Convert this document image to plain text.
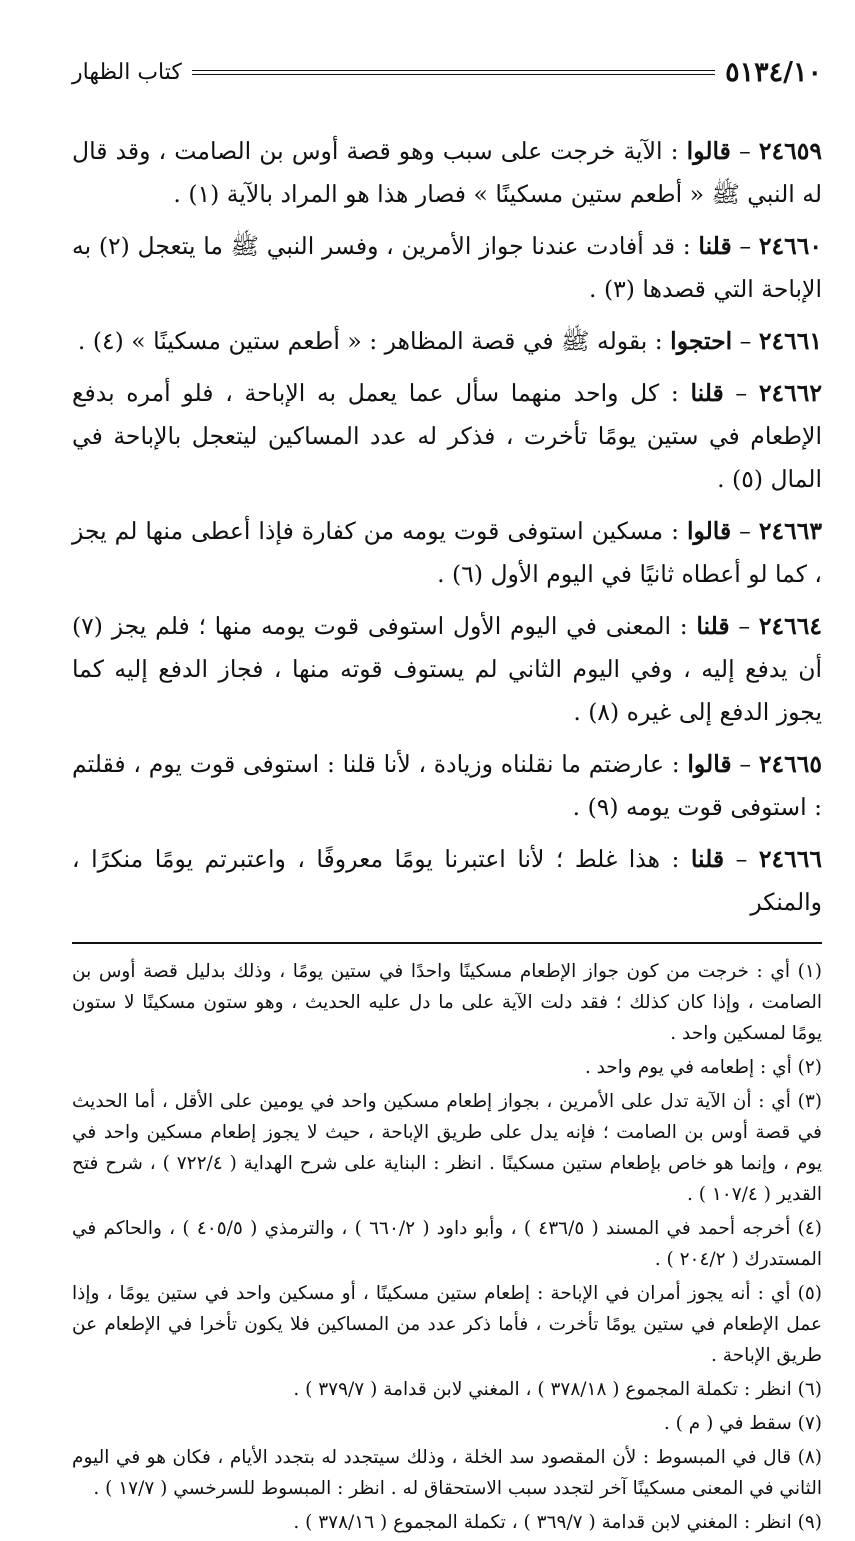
٥١٣٤/١٠
كتاب الظهار

٢٤٦٥٩ – قالوا : الآية خرجت على سبب وهو قصة أوس بن الصامت ، وقد قال له النبي ﷺ « أطعم ستين مسكينًا » فصار هذا هو المراد بالآية (١) .

٢٤٦٦٠ – قلنا : قد أفادت عندنا جواز الأمرين ، وفسر النبي ﷺ ما يتعجل (٢) به الإباحة التي قصدها (٣) .

٢٤٦٦١ – احتجوا : بقوله ﷺ في قصة المظاهر : « أطعم ستين مسكينًا » (٤) .

٢٤٦٦٢ – قلنا : كل واحد منهما سأل عما يعمل به الإباحة ، فلو أمره بدفع الإطعام في ستين يومًا تأخرت ، فذكر له عدد المساكين ليتعجل بالإباحة في المال (٥) .

٢٤٦٦٣ – قالوا : مسكين استوفى قوت يومه من كفارة فإذا أعطى منها لم يجز ، كما لو أعطاه ثانيًا في اليوم الأول (٦) .

٢٤٦٦٤ – قلنا : المعنى في اليوم الأول استوفى قوت يومه منها ؛ فلم يجز (٧) أن يدفع إليه ، وفي اليوم الثاني لم يستوف قوته منها ، فجاز الدفع إليه كما يجوز الدفع إلى غيره (٨) .

٢٤٦٦٥ – قالوا : عارضتم ما نقلناه وزيادة ، لأنا قلنا : استوفى قوت يوم ، فقلتم : استوفى قوت يومه (٩) .

٢٤٦٦٦ – قلنا : هذا غلط ؛ لأنا اعتبرنا يومًا معروفًا ، واعتبرتم يومًا منكرًا ، والمنكر

(١) أي : خرجت من كون جواز الإطعام مسكينًا واحدًا في ستين يومًا ، وذلك بدليل قصة أوس بن الصامت ، وإذا كان كذلك ؛ فقد دلت الآية على ما دل عليه الحديث ، وهو ستون مسكينًا لا ستون يومًا لمسكين واحد .

(٢) أي : إطعامه في يوم واحد .

(٣) أي : أن الآية تدل على الأمرين ، بجواز إطعام مسكين واحد في يومين على الأقل ، أما الحديث في قصة أوس بن الصامت ؛ فإنه يدل على طريق الإباحة ، حيث لا يجوز إطعام مسكين واحد في يوم ، وإنما هو خاص بإطعام ستين مسكينًا . انظر : البناية على شرح الهداية ( ٧٢٢/٤ ) ، شرح فتح القدير ( ١٠٧/٤ ) .

(٤) أخرجه أحمد في المسند ( ٤٣٦/٥ ) ، وأبو داود ( ٦٦٠/٢ ) ، والترمذي ( ٤٠٥/٥ ) ، والحاكم في المستدرك ( ٢٠٤/٢ ) .

(٥) أي : أنه يجوز أمران في الإباحة : إطعام ستين مسكينًا ، أو مسكين واحد في ستين يومًا ، وإذا عمل الإطعام في ستين يومًا تأخرت ، فأما ذكر عدد من المساكين فلا يكون تأخرا في الإطعام عن طريق الإباحة .

(٦) انظر : تكملة المجموع ( ٣٧٨/١٨ ) ، المغني لابن قدامة ( ٣٧٩/٧ ) .

(٧) سقط في ( م ) .

(٨) قال في المبسوط : لأن المقصود سد الخلة ، وذلك سيتجدد له بتجدد الأيام ، فكان هو في اليوم الثاني في المعنى مسكينًا آخر لتجدد سبب الاستحقاق له . انظر : المبسوط للسرخسي ( ١٧/٧ ) .

(٩) انظر : المغني لابن قدامة ( ٣٦٩/٧ ) ، تكملة المجموع ( ٣٧٨/١٦ ) .
